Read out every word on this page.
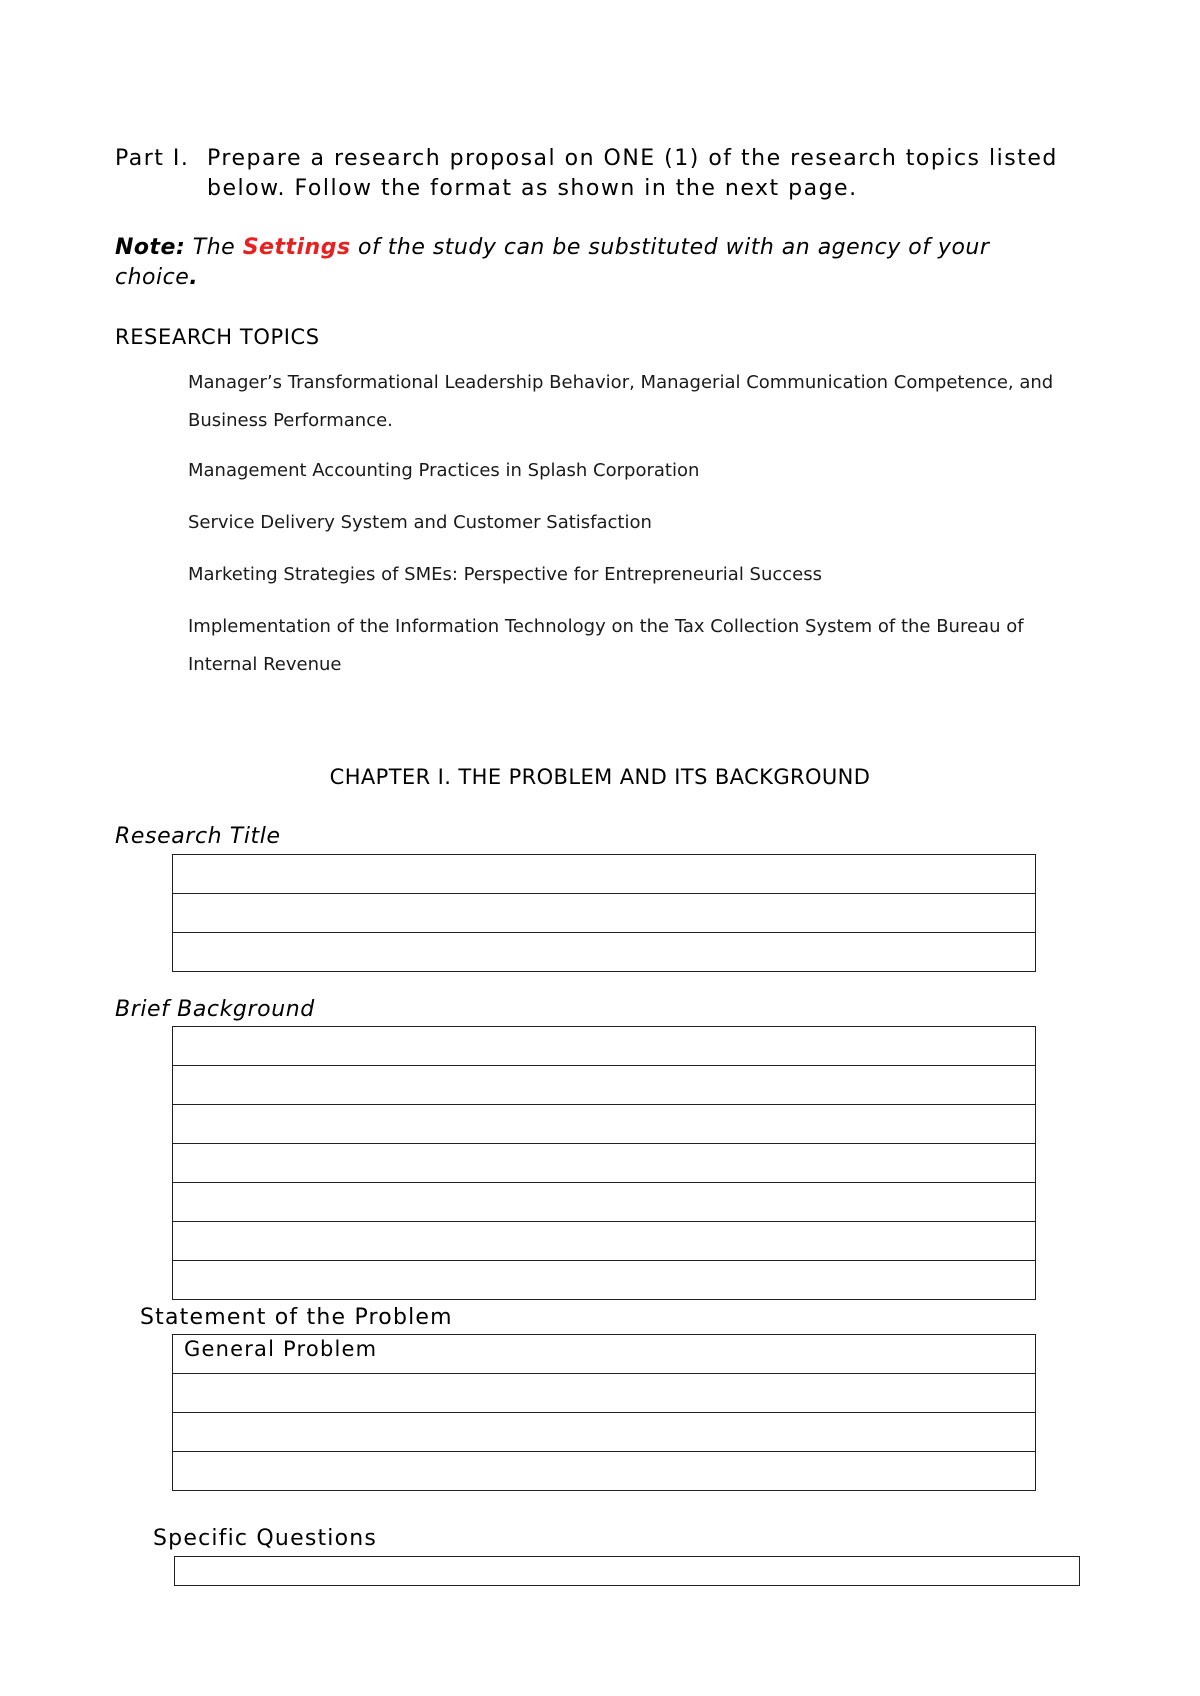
Part I. Prepare a research proposal on ONE (1) of the research topics listed
below. Follow the format as shown in the next page.
Note: The Settings of the study can be substituted with an agency of your choice.
RESEARCH TOPICS
Manager’s Transformational Leadership Behavior, Managerial Communication Competence, and Business Performance.
Management Accounting Practices in Splash Corporation
Service Delivery System and Customer Satisfaction
Marketing Strategies of SMEs: Perspective for Entrepreneurial Success
Implementation of the Information Technology on the Tax Collection System of the Bureau of Internal Revenue
CHAPTER I. THE PROBLEM AND ITS BACKGROUND
Research Title

Brief Background

Statement of the Problem
General Problem

Specific Questions
